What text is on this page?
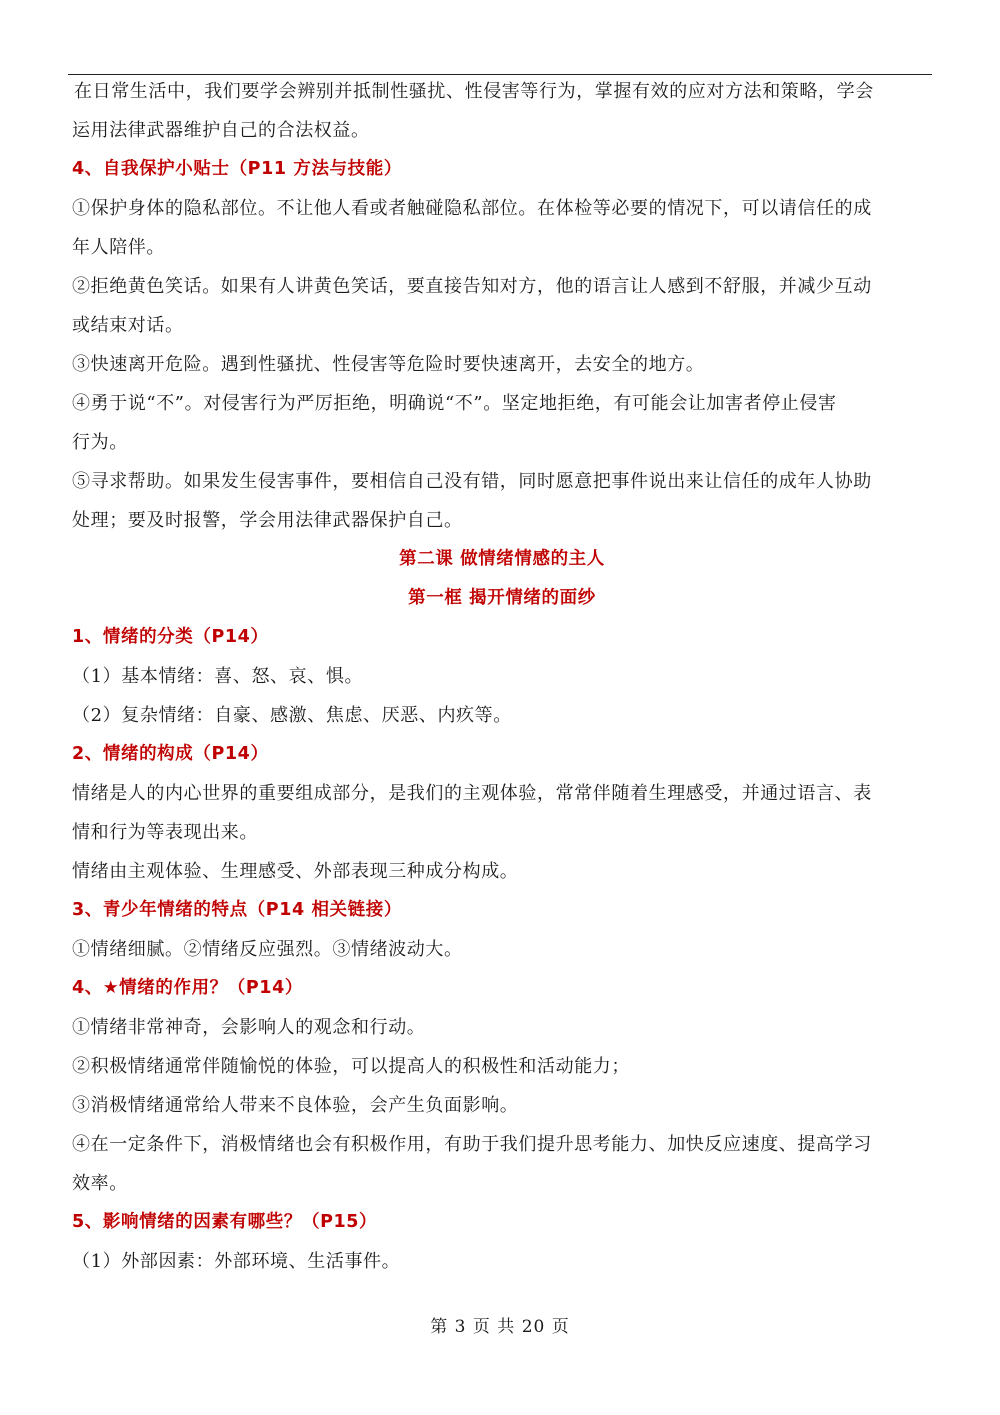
在日常生活中，我们要学会辨别并抵制性骚扰、性侵害等行为，掌握有效的应对方法和策略，学会
运用法律武器维护自己的合法权益。
4、自我保护小贴士（P11 方法与技能）
①保护身体的隐私部位。不让他人看或者触碰隐私部位。在体检等必要的情况下，可以请信任的成
年人陪伴。
②拒绝黄色笑话。如果有人讲黄色笑话，要直接告知对方，他的语言让人感到不舒服，并减少互动
或结束对话。
③快速离开危险。遇到性骚扰、性侵害等危险时要快速离开，去安全的地方。
④勇于说“不”。对侵害行为严厉拒绝，明确说“不”。坚定地拒绝，有可能会让加害者停止侵害
行为。
⑤寻求帮助。如果发生侵害事件，要相信自己没有错，同时愿意把事件说出来让信任的成年人协助
处理；要及时报警，学会用法律武器保护自己。
第二课 做情绪情感的主人
第一框 揭开情绪的面纱
1、情绪的分类（P14）
（1）基本情绪：喜、怒、哀、惧。
（2）复杂情绪：自豪、感激、焦虑、厌恶、内疚等。
2、情绪的构成（P14）
情绪是人的内心世界的重要组成部分，是我们的主观体验，常常伴随着生理感受，并通过语言、表
情和行为等表现出来。
情绪由主观体验、生理感受、外部表现三种成分构成。
3、青少年情绪的特点（P14 相关链接）
①情绪细腻。②情绪反应强烈。③情绪波动大。
4、★情绪的作用？（P14）
①情绪非常神奇，会影响人的观念和行动。
②积极情绪通常伴随愉悦的体验，可以提高人的积极性和活动能力；
③消极情绪通常给人带来不良体验，会产生负面影响。
④在一定条件下，消极情绪也会有积极作用，有助于我们提升思考能力、加快反应速度、提高学习
效率。
5、影响情绪的因素有哪些？（P15）
（1）外部因素：外部环境、生活事件。
第 3 页 共 20 页
